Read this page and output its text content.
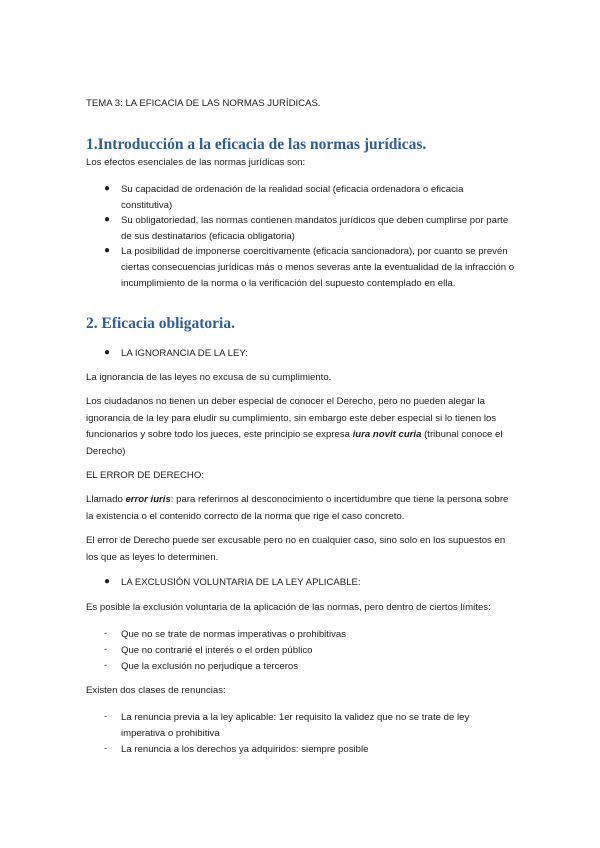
TEMA 3: LA EFICACIA DE LAS NORMAS JURÍDICAS.
1.Introducción a la eficacia de las normas jurídicas.
Los efectos esenciales de las normas jurídicas son:
● Su capacidad de ordenación de la realidad social (eficacia ordenadora o eficacia constitutiva)
● Su obligatoriedad, las normas contienen mandatos jurídicos que deben cumplirse por parte de sus destinatarios (eficacia obligatoria)
● La posibilidad de imponerse coercitivamente (eficacia sancionadora), por cuanto se prevén ciertas consecuencias jurídicas más o menos severas ante la eventualidad de la infracción o incumplimiento de la norma o la verificación del supuesto contemplado en ella.
2. Eficacia obligatoria.
● LA IGNORANCIA DE LA LEY:
La ignorancia de las leyes no excusa de su cumplimiento.
Los ciudadanos no tienen un deber especial de conocer el Derecho, pero no pueden alegar la ignorancia de la ley para eludir su cumplimiento, sin embargo este deber especial si lo tienen los funcionarios y sobre todo los jueces, este principio se expresa iura novit curia (tribunal conoce el Derecho)
EL ERROR DE DERECHO:
Llamado error iuris: para referirnos al desconocimiento o incertidumbre que tiene la persona sobre la existencia o el contenido correcto de la norma que rige el caso concreto.
El error de Derecho puede ser excusable pero no en cualquier caso, sino solo en los supuestos en los que as leyes lo determinen.
● LA EXCLUSIÓN VOLUNTARIA DE LA LEY APLICABLE:
Es posible la exclusión voluntaria de la aplicación de las normas, pero dentro de ciertos límites:
- Que no se trate de normas imperativas o prohibitivas
- Que no contrarié el interés o el orden público
- Que la exclusión no perjudique a terceros
Existen dos clases de renuncias:
- La renuncia previa a la ley aplicable: 1er requisito la validez que no se trate de ley imperativa o prohibitiva
- La renuncia a los derechos ya adquiridos: siempre posible
